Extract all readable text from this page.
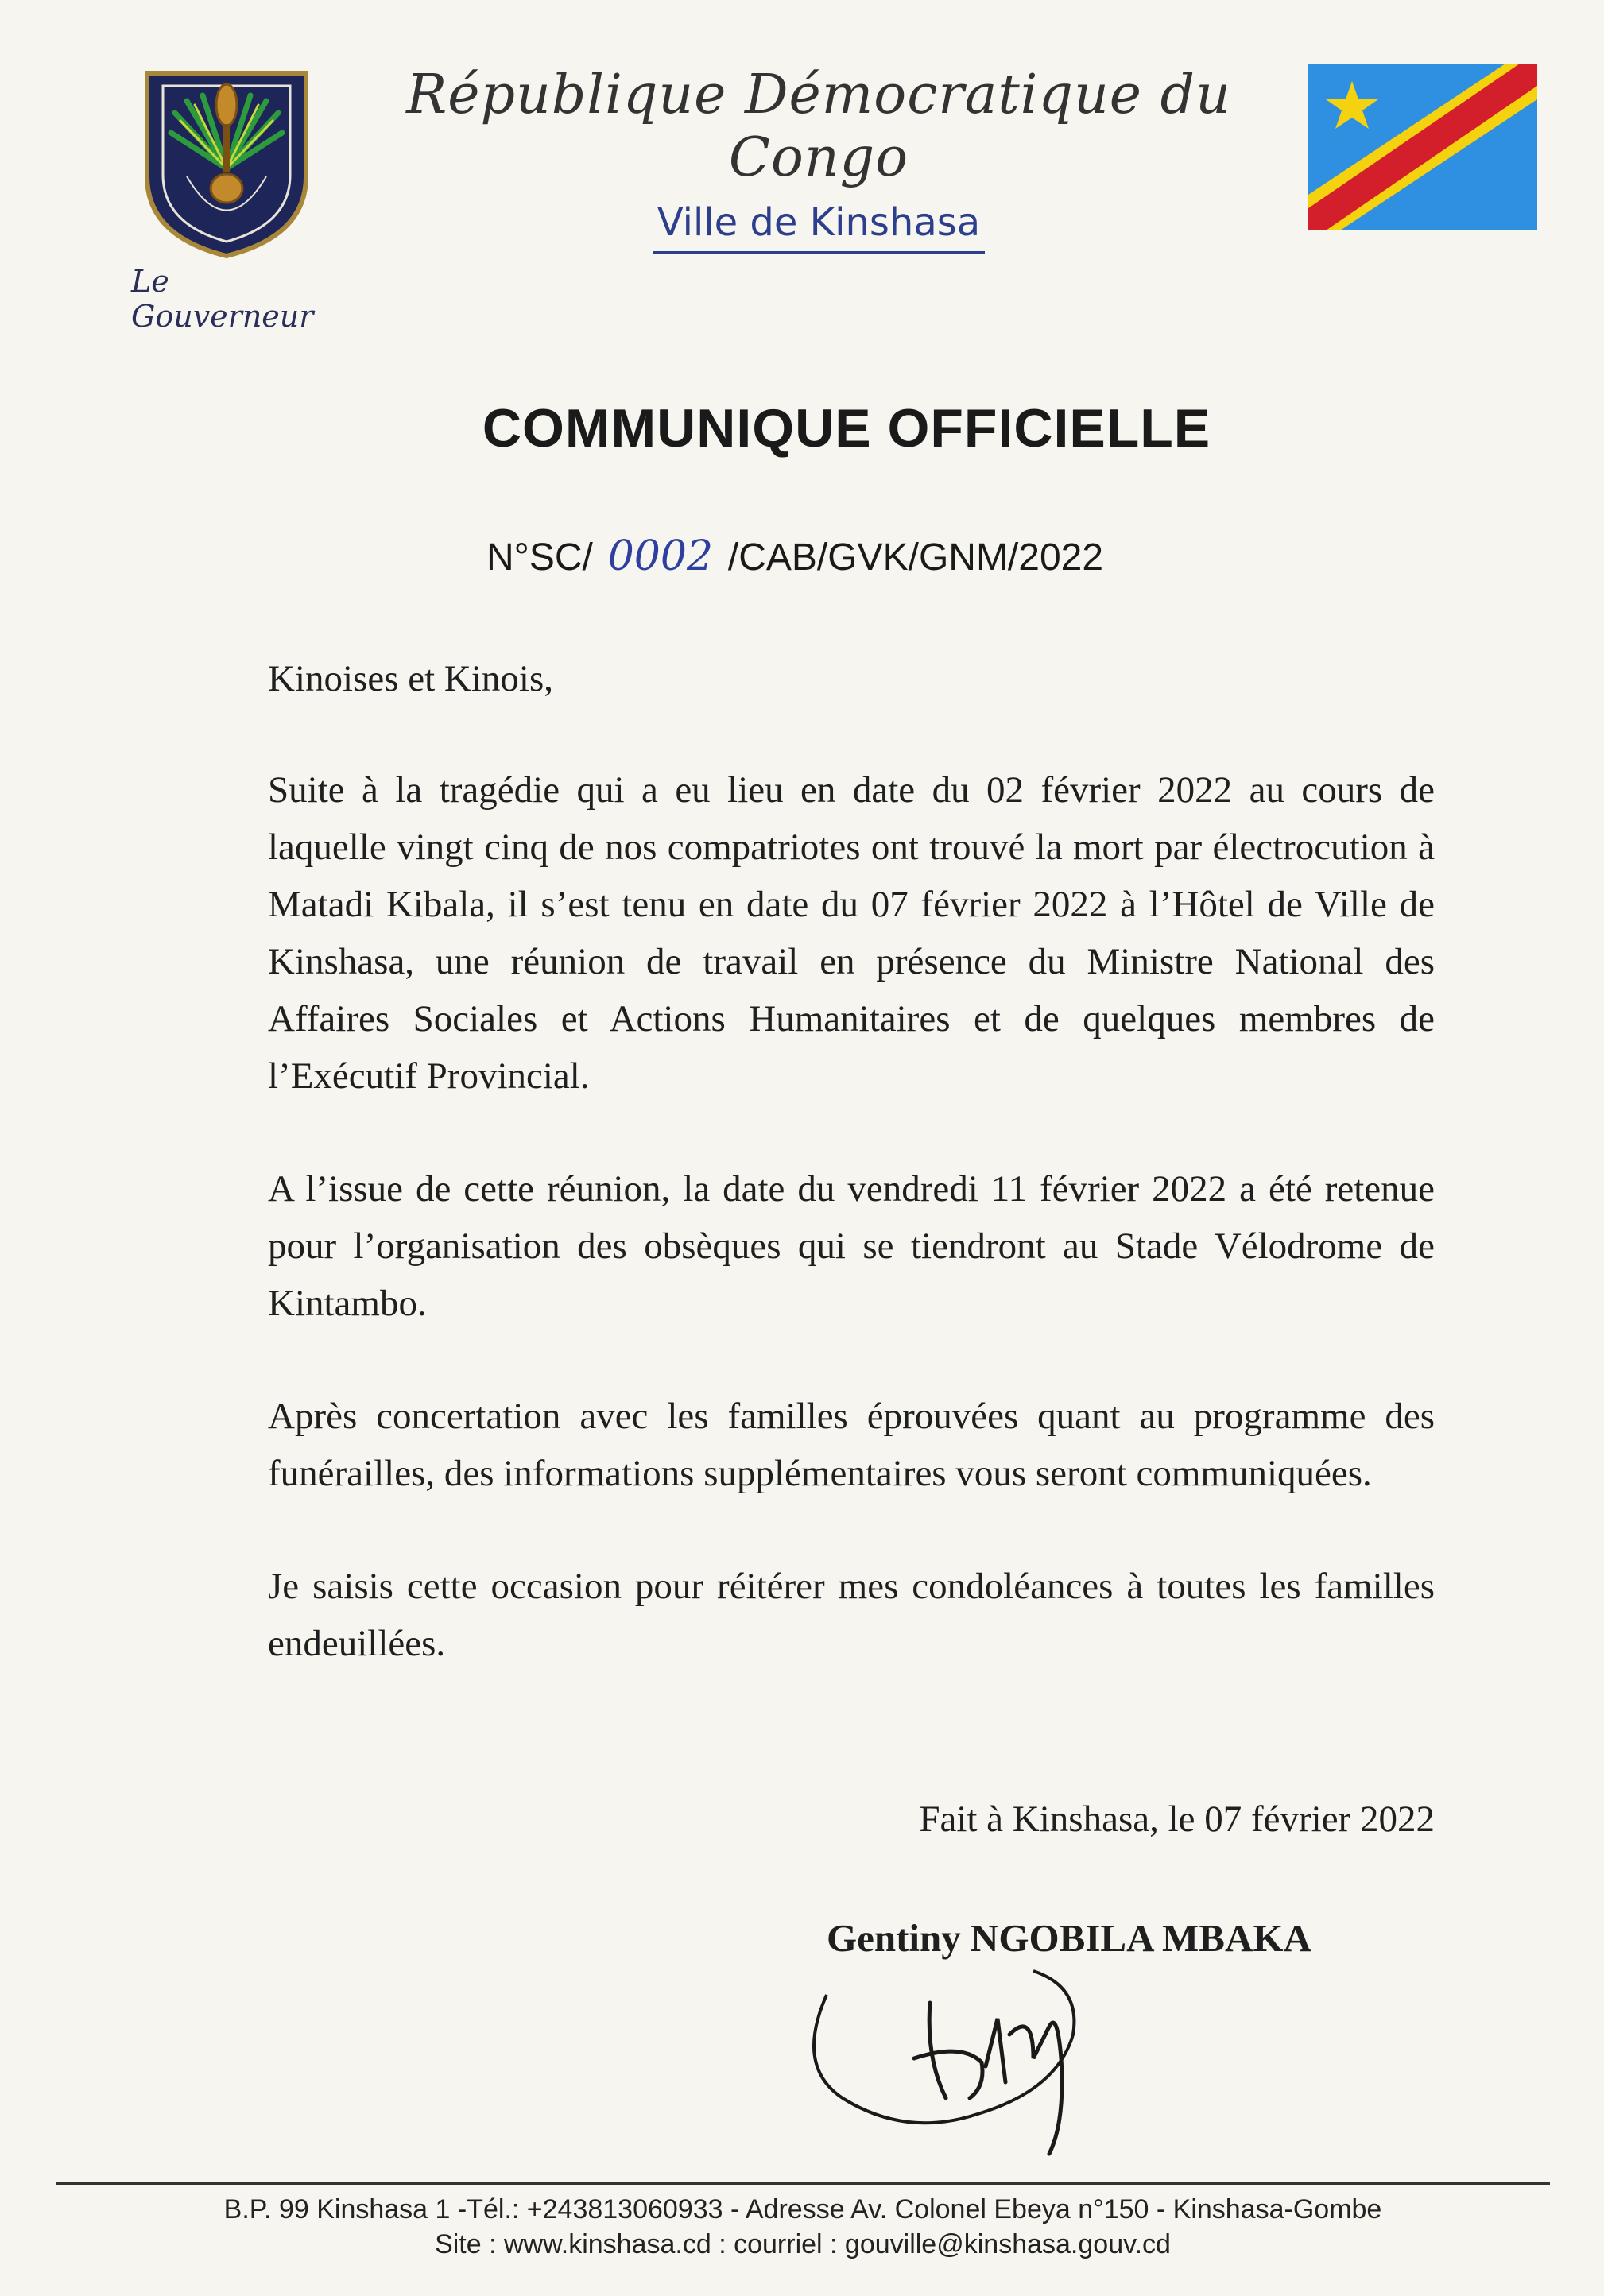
Le Gouverneur
République Démocratique du Congo
Ville de Kinshasa
COMMUNIQUE OFFICIELLE
N°SC/ 0002 /CAB/GVK/GNM/2022

Kinoises et Kinois,

Suite à la tragédie qui a eu lieu en date du 02 février 2022 au cours de laquelle vingt cinq de nos compatriotes ont trouvé la mort par électrocution à Matadi Kibala, il s’est tenu en date du 07 février 2022 à l’Hôtel de Ville de Kinshasa, une réunion de travail en présence du Ministre National des Affaires Sociales et Actions Humanitaires et de quelques membres de l’Exécutif Provincial.

A l’issue de cette réunion, la date du vendredi 11 février 2022 a été retenue pour l’organisation des obsèques qui se tiendront au Stade Vélodrome de Kintambo.

Après concertation avec les familles éprouvées quant au programme des funérailles, des informations supplémentaires vous seront communiquées.

Je saisis cette occasion pour réitérer mes condoléances à toutes les familles endeuillées.

Fait à Kinshasa, le 07 février 2022
Gentiny NGOBILA MBAKA
B.P. 99 Kinshasa 1 -Tél.: +243813060933 - Adresse Av. Colonel Ebeya n°150 - Kinshasa-Gombe
Site : www.kinshasa.cd : courriel : gouville@kinshasa.gouv.cd
